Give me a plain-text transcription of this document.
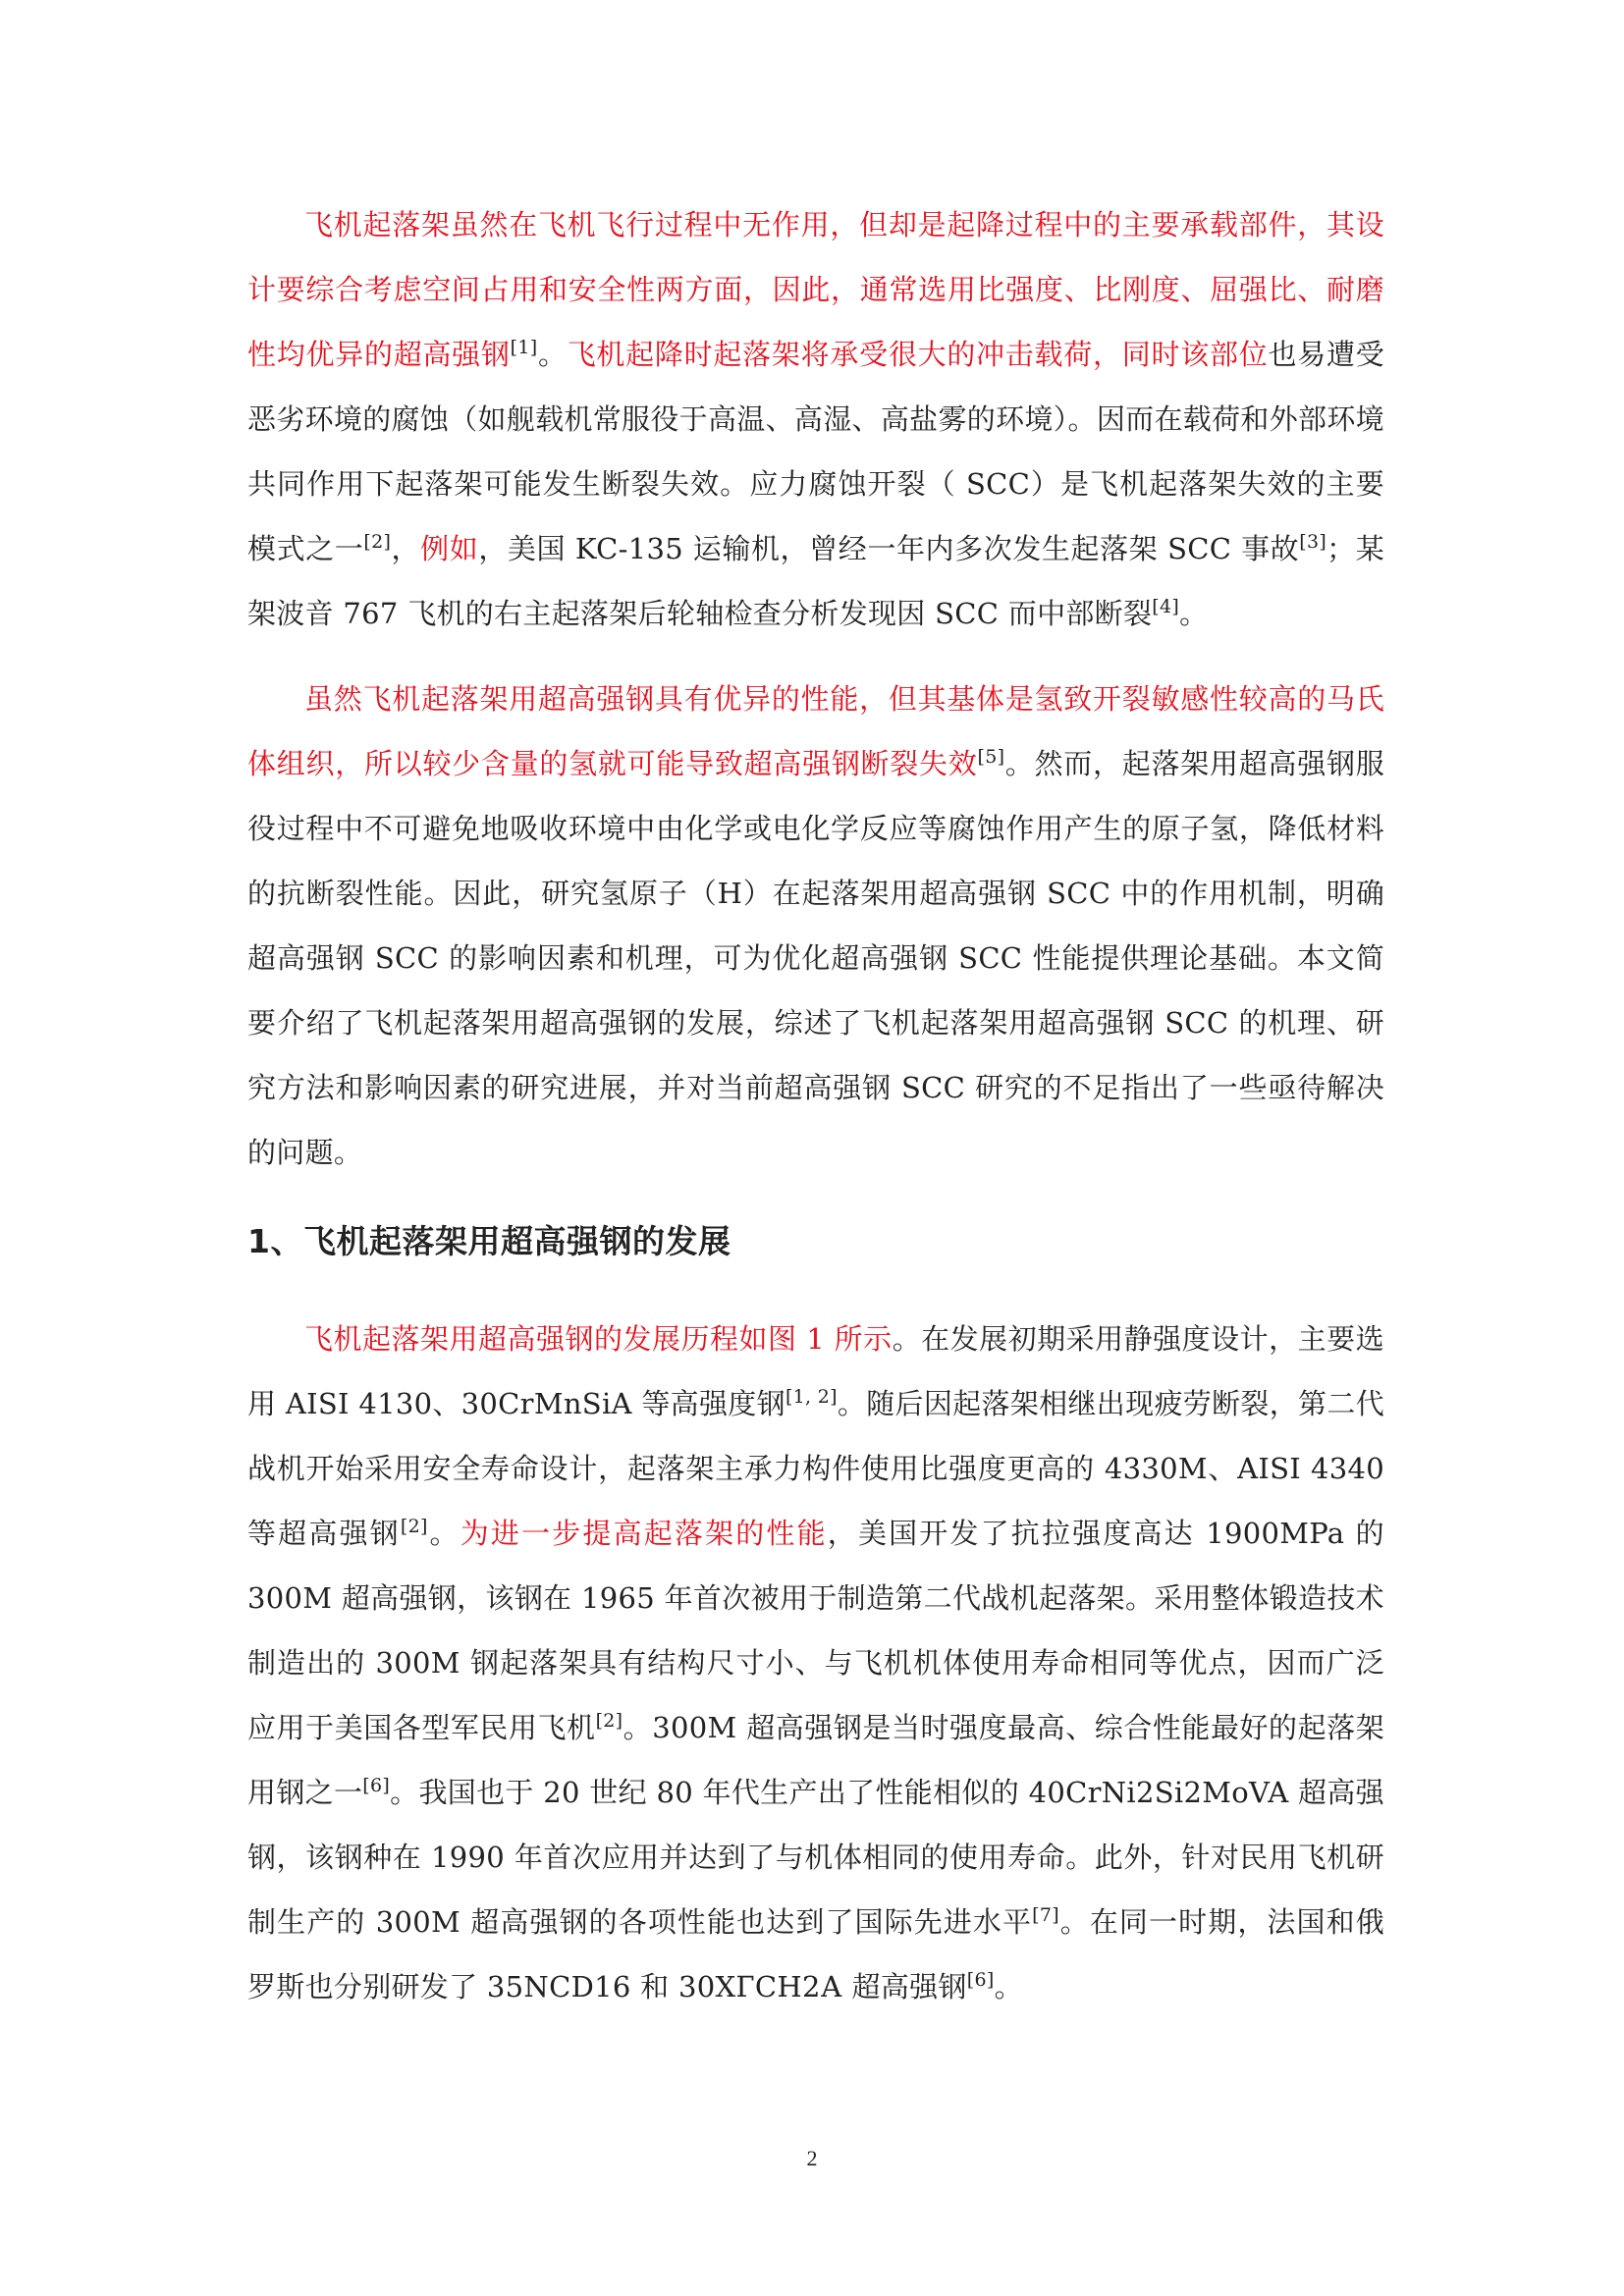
飞机起落架虽然在飞机飞行过程中无作用，但却是起降过程中的主要承载部件，其设计要综合考虑空间占用和安全性两方面，因此，通常选用比强度、比刚度、屈强比、耐磨性均优异的超高强钢[1]。飞机起降时起落架将承受很大的冲击载荷，同时该部位也易遭受恶劣环境的腐蚀（如舰载机常服役于高温、高湿、高盐雾的环境）。因而在载荷和外部环境共同作用下起落架可能发生断裂失效。应力腐蚀开裂（ SCC）是飞机起落架失效的主要模式之一[2]，例如，美国 KC-135 运输机，曾经一年内多次发生起落架 SCC 事故[3]；某架波音 767 飞机的右主起落架后轮轴检查分析发现因 SCC 而中部断裂[4]。

虽然飞机起落架用超高强钢具有优异的性能，但其基体是氢致开裂敏感性较高的马氏体组织，所以较少含量的氢就可能导致超高强钢断裂失效[5]。然而，起落架用超高强钢服役过程中不可避免地吸收环境中由化学或电化学反应等腐蚀作用产生的原子氢，降低材料的抗断裂性能。因此，研究氢原子（H）在起落架用超高强钢 SCC 中的作用机制，明确超高强钢 SCC 的影响因素和机理，可为优化超高强钢 SCC 性能提供理论基础。本文简要介绍了飞机起落架用超高强钢的发展，综述了飞机起落架用超高强钢 SCC 的机理、研究方法和影响因素的研究进展，并对当前超高强钢 SCC 研究的不足指出了一些亟待解决的问题。

1、飞机起落架用超高强钢的发展

飞机起落架用超高强钢的发展历程如图 1 所示。在发展初期采用静强度设计，主要选用 AISI 4130、30CrMnSiA 等高强度钢[1, 2]。随后因起落架相继出现疲劳断裂，第二代战机开始采用安全寿命设计，起落架主承力构件使用比强度更高的 4330M、AISI 4340 等超高强钢[2]。为进一步提高起落架的性能，美国开发了抗拉强度高达 1900MPa 的 300M 超高强钢，该钢在 1965 年首次被用于制造第二代战机起落架。采用整体锻造技术制造出的 300M 钢起落架具有结构尺寸小、与飞机机体使用寿命相同等优点，因而广泛应用于美国各型军民用飞机[2]。300M 超高强钢是当时强度最高、综合性能最好的起落架用钢之一[6]。我国也于 20 世纪 80 年代生产出了性能相似的 40CrNi2Si2MoVA 超高强钢，该钢种在 1990 年首次应用并达到了与机体相同的使用寿命。此外，针对民用飞机研制生产的 300M 超高强钢的各项性能也达到了国际先进水平[7]。在同一时期，法国和俄罗斯也分别研发了 35NCD16 和 30ХГСН2А 超高强钢[6]。

2
